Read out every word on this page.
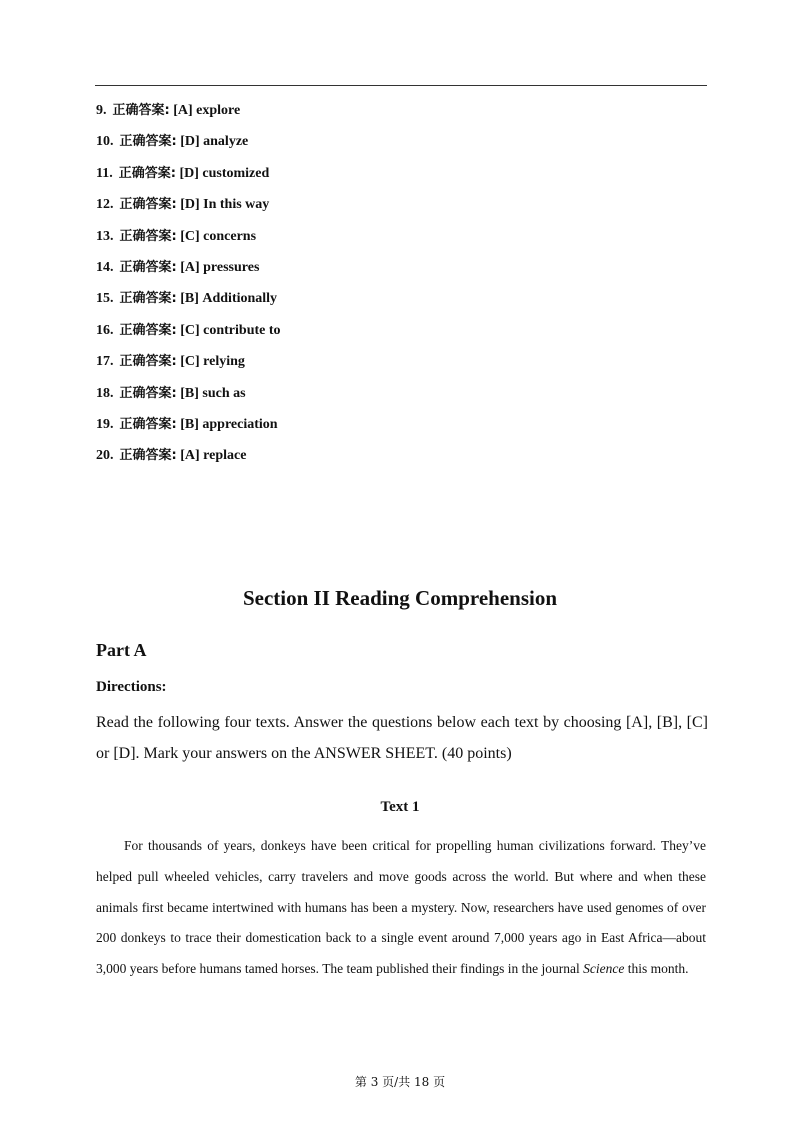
9. 正确答案: [A] explore
10. 正确答案: [D] analyze
11. 正确答案: [D] customized
12. 正确答案: [D] In this way
13. 正确答案: [C] concerns
14. 正确答案: [A] pressures
15. 正确答案: [B] Additionally
16. 正确答案: [C] contribute to
17. 正确答案: [C] relying
18. 正确答案: [B] such as
19. 正确答案: [B] appreciation
20. 正确答案: [A] replace
Section II Reading Comprehension
Part A
Directions:

Read the following four texts. Answer the questions below each text by choosing [A], [B], [C] or [D]. Mark your answers on the ANSWER SHEET. (40 points)

Text 1

For thousands of years, donkeys have been critical for propelling human civilizations forward. They’ve helped pull wheeled vehicles, carry travelers and move goods across the world. But where and when these animals first became intertwined with humans has been a mystery. Now, researchers have used genomes of over 200 donkeys to trace their domestication back to a single event around 7,000 years ago in East Africa—about 3,000 years before humans tamed horses. The team published their findings in the journal Science this month.

第 3 页/共 18 页
